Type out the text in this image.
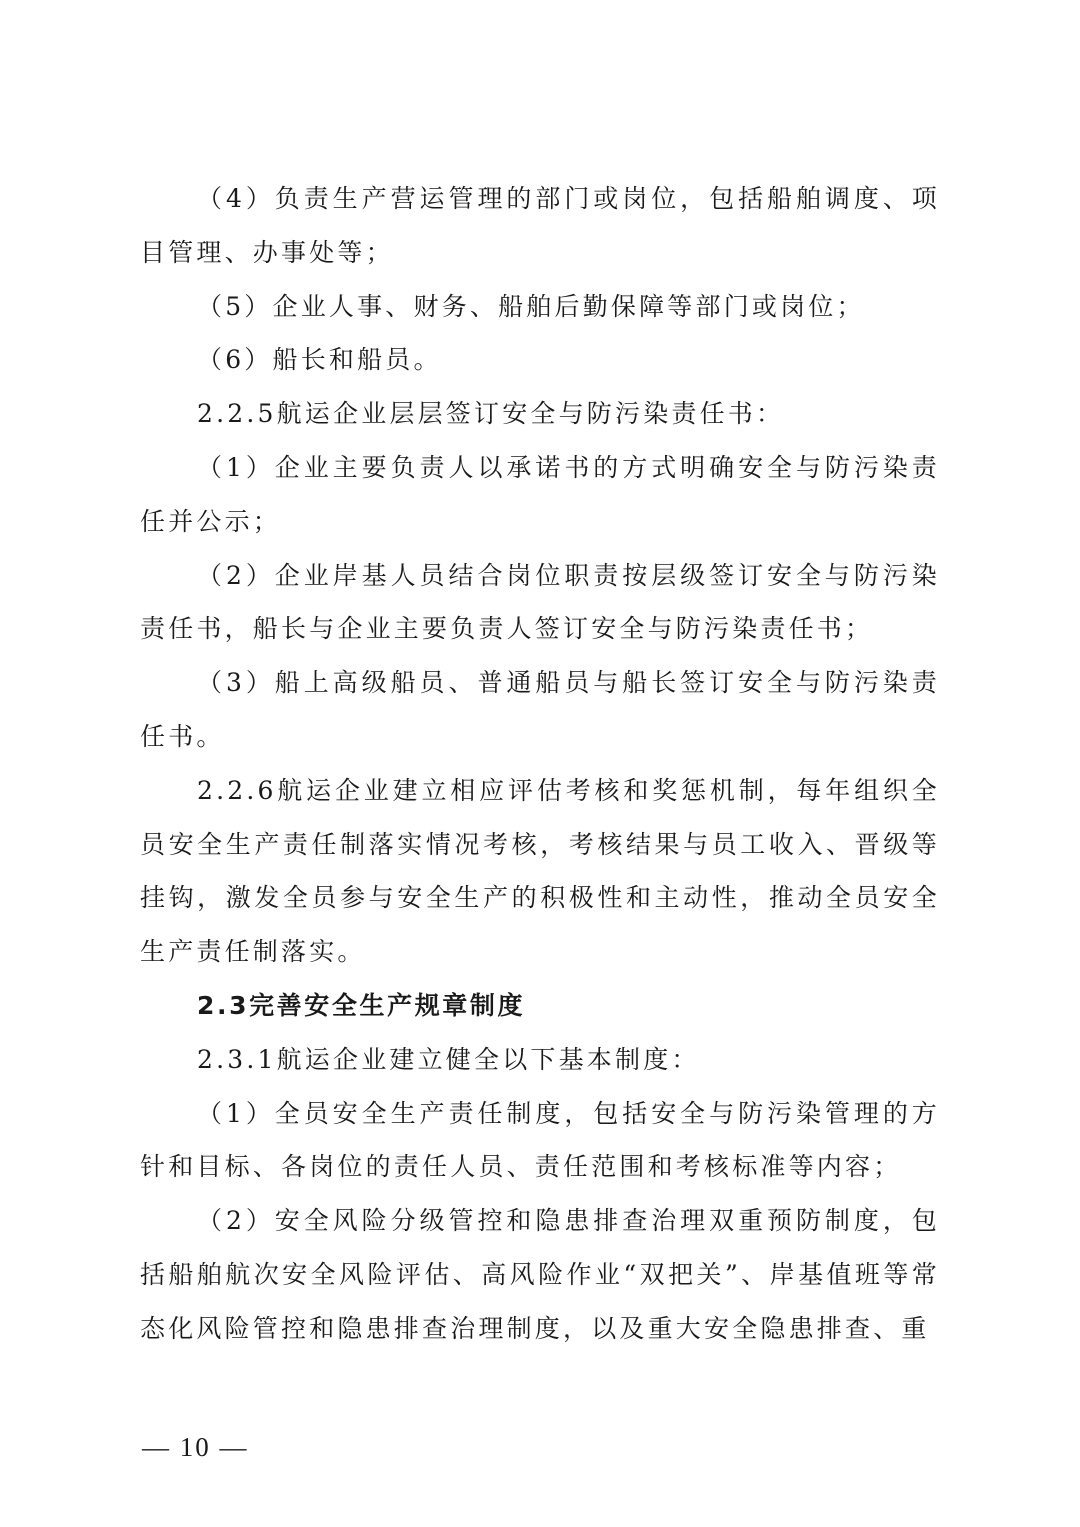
（4）负责生产营运管理的部门或岗位，包括船舶调度、项目管理、办事处等；

（5）企业人事、财务、船舶后勤保障等部门或岗位；

（6）船长和船员。

2.2.5航运企业层层签订安全与防污染责任书：

（1）企业主要负责人以承诺书的方式明确安全与防污染责任并公示；

（2）企业岸基人员结合岗位职责按层级签订安全与防污染责任书，船长与企业主要负责人签订安全与防污染责任书；

（3）船上高级船员、普通船员与船长签订安全与防污染责任书。

2.2.6航运企业建立相应评估考核和奖惩机制，每年组织全员安全生产责任制落实情况考核，考核结果与员工收入、晋级等挂钩，激发全员参与安全生产的积极性和主动性，推动全员安全生产责任制落实。

2.3完善安全生产规章制度

2.3.1航运企业建立健全以下基本制度：

（1）全员安全生产责任制度，包括安全与防污染管理的方针和目标、各岗位的责任人员、责任范围和考核标准等内容；

（2）安全风险分级管控和隐患排查治理双重预防制度，包括船舶航次安全风险评估、高风险作业“双把关”、岸基值班等常态化风险管控和隐患排查治理制度，以及重大安全隐患排查、重

— 10 —
